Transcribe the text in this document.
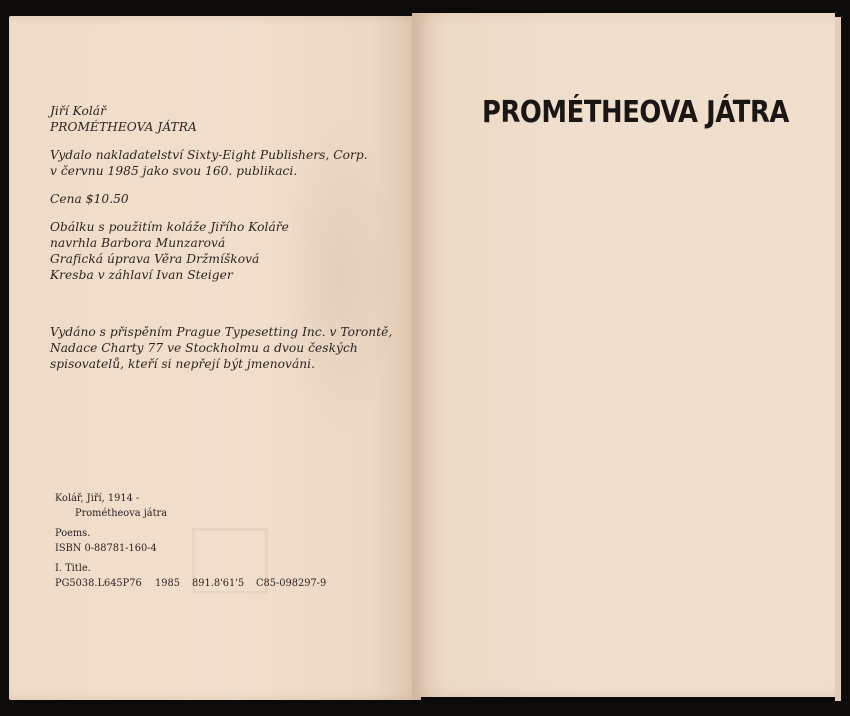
Jiří Kolář
PROMÉTHEOVA JÁTRA
Vydalo nakladatelství Sixty-Eight Publishers, Corp.
v červnu 1985 jako svou 160. publikaci.
Cena $10.50
Obálku s použitím koláže Jiřího Koláře
navrhla Barbora Munzarová
Grafická úprava Věra Držmíšková
Kresba v záhlaví Ivan Steiger
Vydáno s přispěním Prague Typesetting Inc. v Torontě,
Nadace Charty 77 ve Stockholmu a dvou českých
spisovatelů, kteří si nepřejí být jmenováni.
Kolář, Jiří, 1914 -
Prométheova játra
Poems.
ISBN 0-88781-160-4
I. Title.
PG5038.L645P76	1985	891.8'61'5	C85-098297-9
PROMÉTHEOVA JÁTRA
